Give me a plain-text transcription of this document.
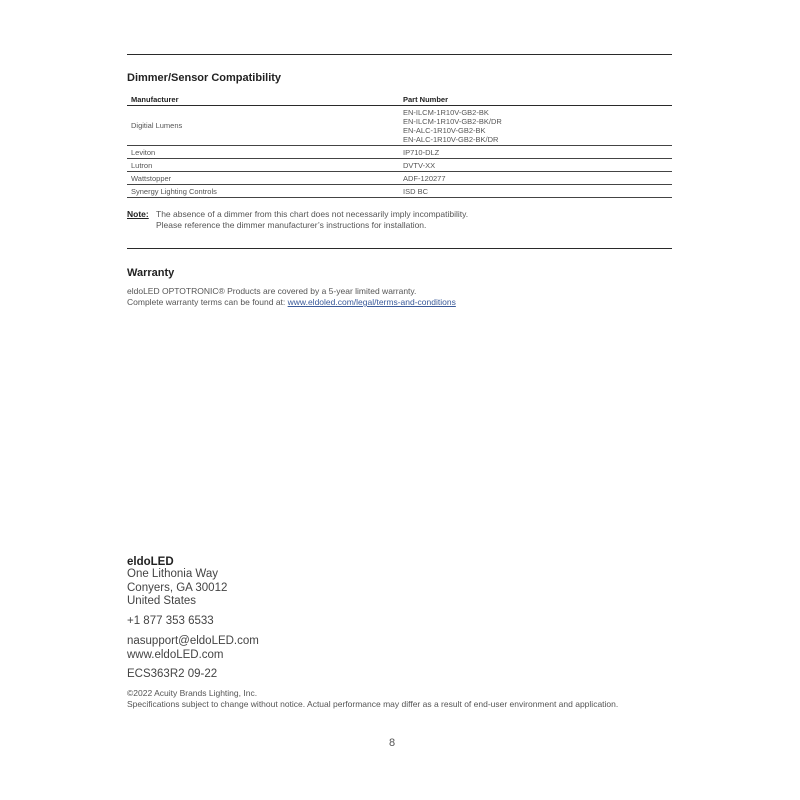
Dimmer/Sensor Compatibility
Manufacturer	Part Number
Digitial Lumens	EN-ILCM-1R10V-GB2-BK
EN-ILCM-1R10V-GB2-BK/DR
EN-ALC-1R10V-GB2-BK
EN-ALC-1R10V-GB2-BK/DR

Leviton	IP710-DLZ
Lutron	DVTV-XX
Wattstopper	ADF-120277
Synergy Lighting Controls	ISD BC
Note: The absence of a dimmer from this chart does not necessarily imply incompatibility.
Please reference the dimmer manufacturer’s instructions for installation.
Warranty
eldoLED OPTOTRONIC® Products are covered by a 5-year limited warranty.
Complete warranty terms can be found at: www.eldoled.com/legal/terms-and-conditions
eldoLED
One Lithonia Way
Conyers, GA 30012
United States
+1 877 353 6533
nasupport@eldoLED.com
www.eldoLED.com
ECS363R2 09-22
©2022 Acuity Brands Lighting, Inc.
Specifications subject to change without notice. Actual performance may differ as a result of end-user environment and application.
8
